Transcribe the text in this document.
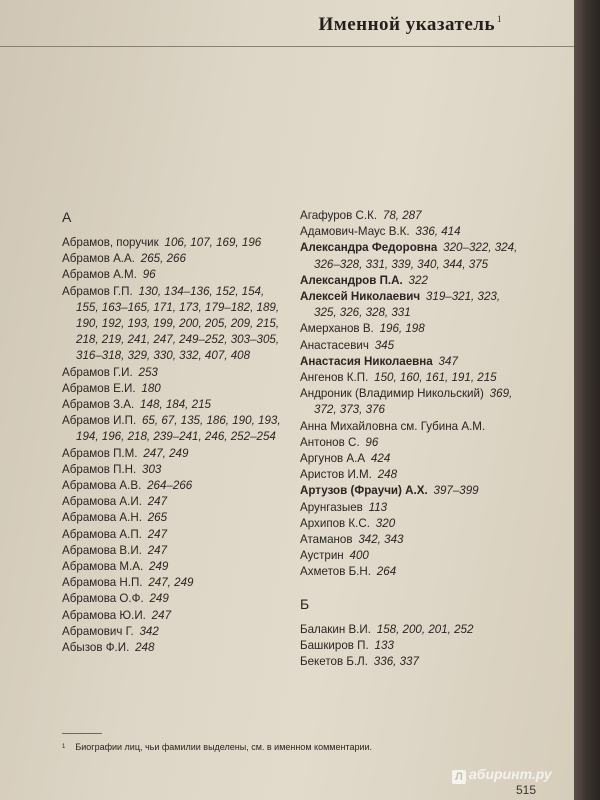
Именной указатель $^1$
А
Абрамов, поручик  106, 107, 169, 196
Абрамов А.А.  265, 266
Абрамов А.М.  96
Абрамов Г.П.  130, 134–136, 152, 154, 155, 163–165, 171, 173, 179–182, 189, 190, 192, 193, 199, 200, 205, 209, 215, 218, 219, 241, 247, 249–252, 303–305, 316–318, 329, 330, 332, 407, 408
Абрамов Г.И.  253
Абрамов Е.И.  180
Абрамов З.А.  148, 184, 215
Абрамов И.П.  65, 67, 135, 186, 190, 193, 194, 196, 218, 239–241, 246, 252–254
Абрамов П.М.  247, 249
Абрамов П.Н.  303
Абрамова А.В.  264–266
Абрамова А.И.  247
Абрамова А.Н.  265
Абрамова А.П.  247
Абрамова В.И.  247
Абрамова М.А.  249
Абрамова Н.П.  247, 249
Абрамова О.Ф.  249
Абрамова Ю.И.  247
Абрамович Г.  342
Абызов Ф.И.  248
Агафуров С.К.  78, 287
Адамович-Маус В.К.  336, 414
Александра Федоровна  320–322, 324, 326–328, 331, 339, 340, 344, 375
Александров П.А.  322
Алексей Николаевич  319–321, 323, 325, 326, 328, 331
Амерханов В.  196, 198
Анастасевич  345
Анастасия Николаевна  347
Ангенов К.П.  150, 160, 161, 191, 215
Андроник (Владимир Никольский)  369, 372, 373, 376
Анна Михайловна см. Губина А.М.
Антонов С.  96
Аргунов А.А  424
Аристов И.М.  248
Артузов (Фраучи) А.Х.  397–399
Арунгазыев  113
Архипов К.С.  320
Атаманов  342, 343
Аустрин  400
Ахметов Б.Н.  264
Б
Балакин В.И.  158, 200, 201, 252
Башкиров П.  133
Бекетов Б.Л.  336, 337
$^1$ Биографии лиц, чьи фамилии выделены, см. в именном комментарии.
515
Л абиринт.ру
